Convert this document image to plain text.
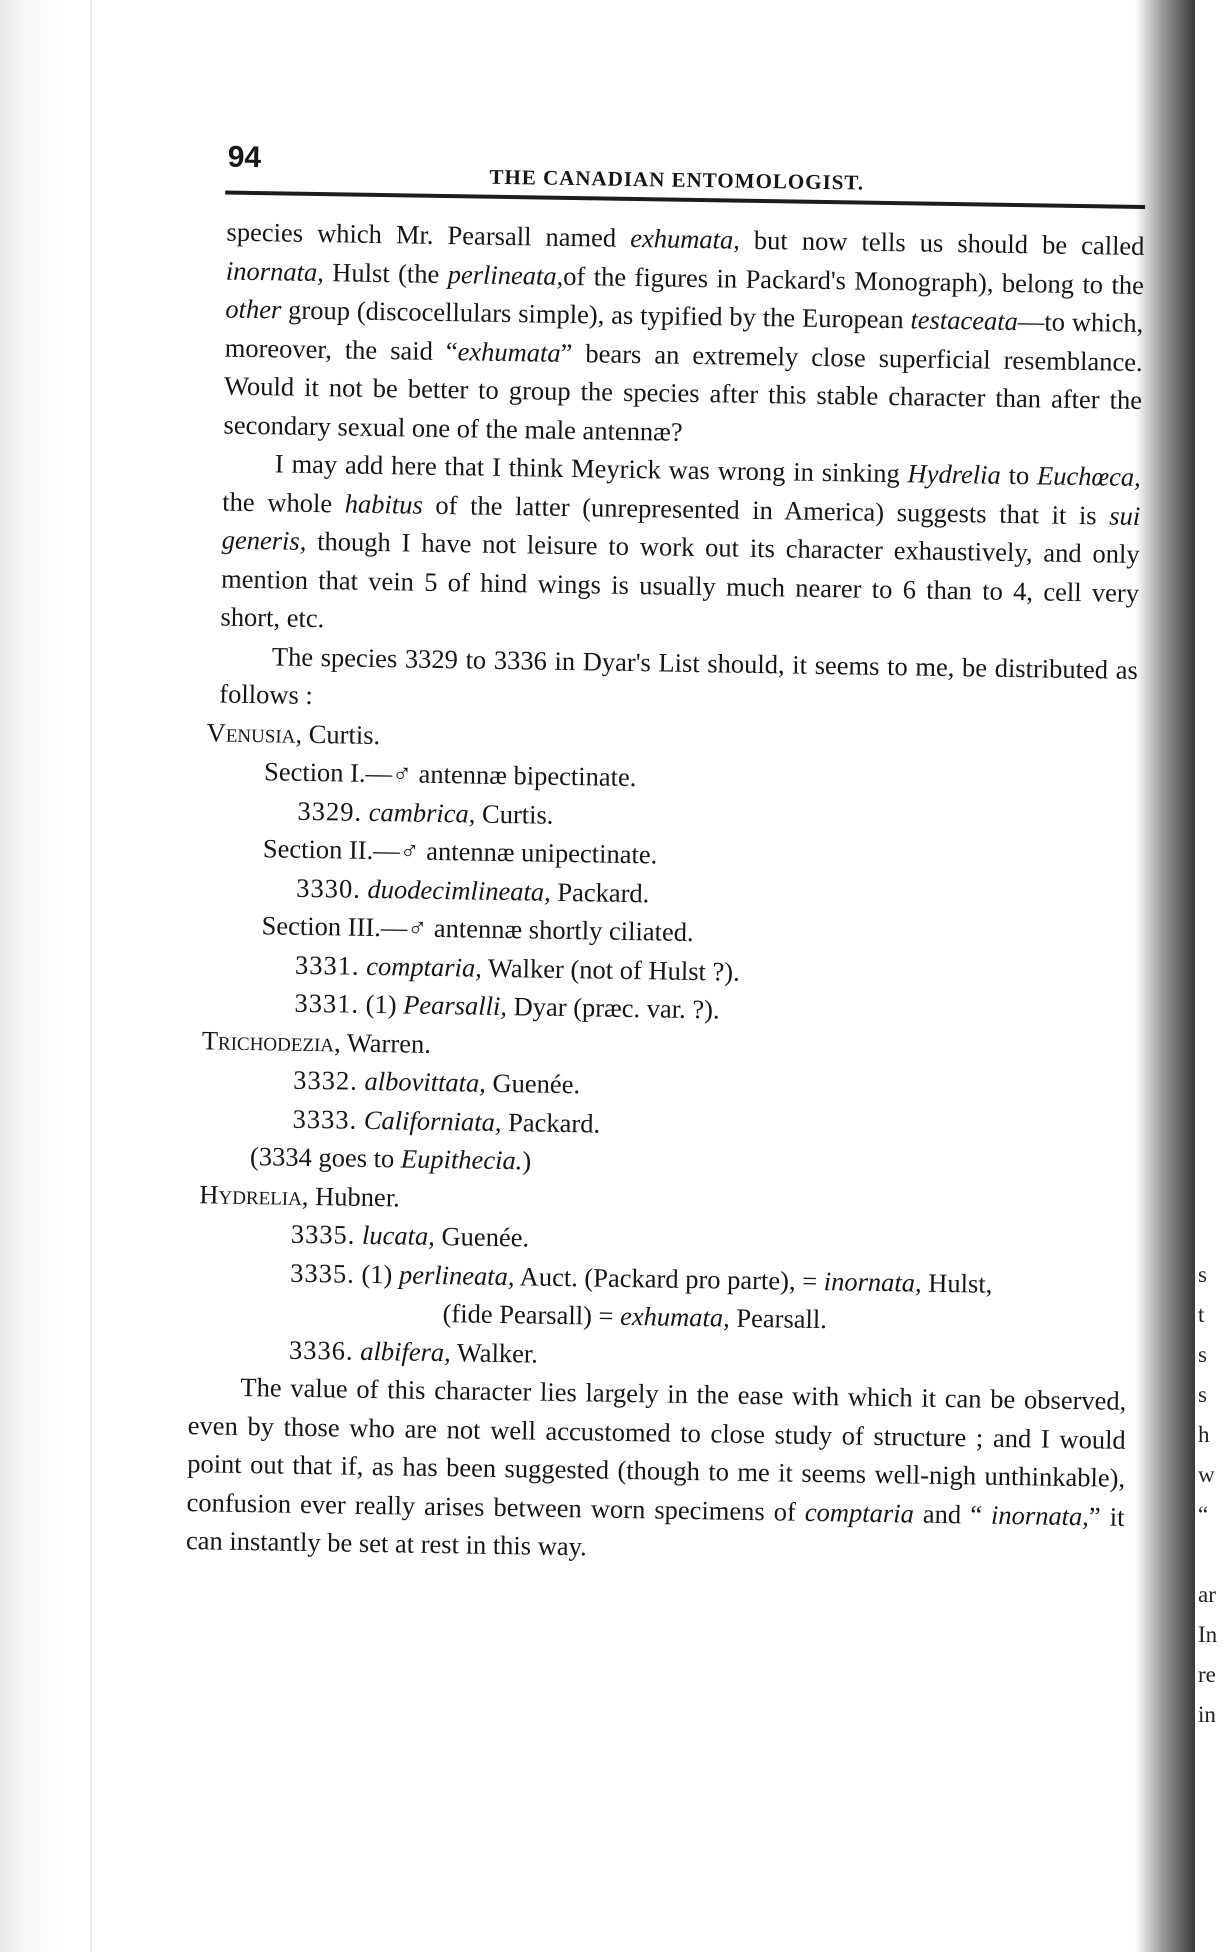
s
t
s
s
h
w
“
ar
In
re
in
94
THE CANADIAN ENTOMOLOGIST.

species which Mr. Pearsall named exhumata, but now tells us should be called inornata, Hulst (the perlineata,of the figures in Packard's Monograph), belong to the other group (discocellulars simple), as typified by the European testaceata—to which, moreover, the said “exhumata” bears an extremely close superficial resemblance. Would it not be better to group the species after this stable character than after the secondary sexual one of the male antennæ?

I may add here that I think Meyrick was wrong in sinking Hydrelia to Euchœca, the whole habitus of the latter (unrepresented in America) suggests that it is sui generis, though I have not leisure to work out its character exhaustively, and only mention that vein 5 of hind wings is usually much nearer to 6 than to 4, cell very short, etc.

The species 3329 to 3336 in Dyar's List should, it seems to me, be distributed as follows :

Venusia, Curtis.
Section I.—♂ antennæ bipectinate.
3329. cambrica, Curtis.
Section II.—♂ antennæ unipectinate.
3330. duodecimlineata, Packard.
Section III.—♂ antennæ shortly ciliated.
3331. comptaria, Walker (not of Hulst ?).
3331. (1) Pearsalli, Dyar (præc. var. ?).
Trichodezia, Warren.
3332. albovittata, Guenée.
3333. Californiata, Packard.
(3334 goes to Eupithecia.)
Hydrelia, Hubner.
3335. lucata, Guenée.
3335. (1) perlineata, Auct. (Packard pro parte), = inornata, Hulst,
(fide Pearsall) = exhumata, Pearsall.
3336. albifera, Walker.

The value of this character lies largely in the ease with which it can be observed, even by those who are not well accustomed to close study of structure ; and I would point out that if, as has been suggested (though to me it seems well-nigh unthinkable), confusion ever really arises between worn specimens of comptaria and “ inornata,” it can instantly be set at rest in this way.
